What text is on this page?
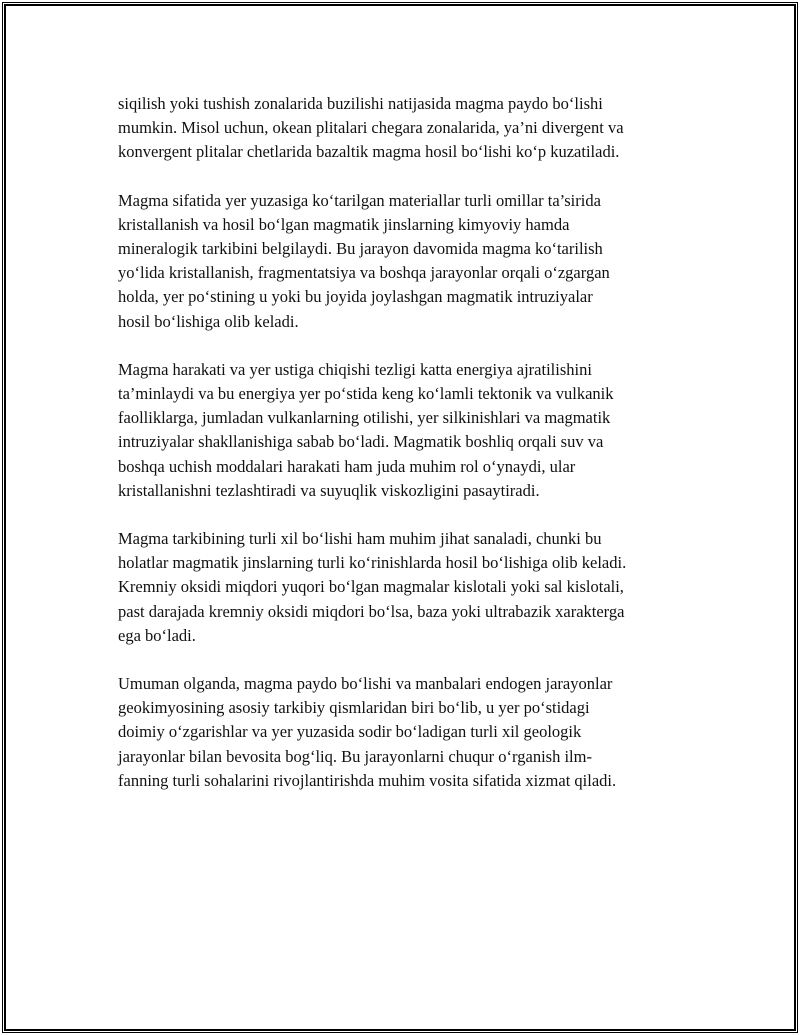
siqilish yoki tushish zonalarida buzilishi natijasida magma paydo bo‘lishi
mumkin. Misol uchun, okean plitalari chegara zonalarida, ya’ni divergent va
konvergent plitalar chetlarida bazaltik magma hosil bo‘lishi ko‘p kuzatiladi.

Magma sifatida yer yuzasiga ko‘tarilgan materiallar turli omillar ta’sirida
kristallanish va hosil bo‘lgan magmatik jinslarning kimyoviy hamda
mineralogik tarkibini belgilaydi. Bu jarayon davomida magma ko‘tarilish
yo‘lida kristallanish, fragmentatsiya va boshqa jarayonlar orqali o‘zgargan
holda, yer po‘stining u yoki bu joyida joylashgan magmatik intruziyalar
hosil bo‘lishiga olib keladi.

Magma harakati va yer ustiga chiqishi tezligi katta energiya ajratilishini
ta’minlaydi va bu energiya yer po‘stida keng ko‘lamli tektonik va vulkanik
faolliklarga, jumladan vulkanlarning otilishi, yer silkinishlari va magmatik
intruziyalar shakllanishiga sabab bo‘ladi. Magmatik boshliq orqali suv va
boshqa uchish moddalari harakati ham juda muhim rol o‘ynaydi, ular
kristallanishni tezlashtiradi va suyuqlik viskozligini pasaytiradi.

Magma tarkibining turli xil bo‘lishi ham muhim jihat sanaladi, chunki bu
holatlar magmatik jinslarning turli ko‘rinishlarda hosil bo‘lishiga olib keladi.
Kremniy oksidi miqdori yuqori bo‘lgan magmalar kislotali yoki sal kislotali,
past darajada kremniy oksidi miqdori bo‘lsa, baza yoki ultrabazik xarakterga
ega bo‘ladi.

Umuman olganda, magma paydo bo‘lishi va manbalari endogen jarayonlar
geokimyosining asosiy tarkibiy qismlaridan biri bo‘lib, u yer po‘stidagi
doimiy o‘zgarishlar va yer yuzasida sodir bo‘ladigan turli xil geologik
jarayonlar bilan bevosita bog‘liq. Bu jarayonlarni chuqur o‘rganish ilm-
fanning turli sohalarini rivojlantirishda muhim vosita sifatida xizmat qiladi.
